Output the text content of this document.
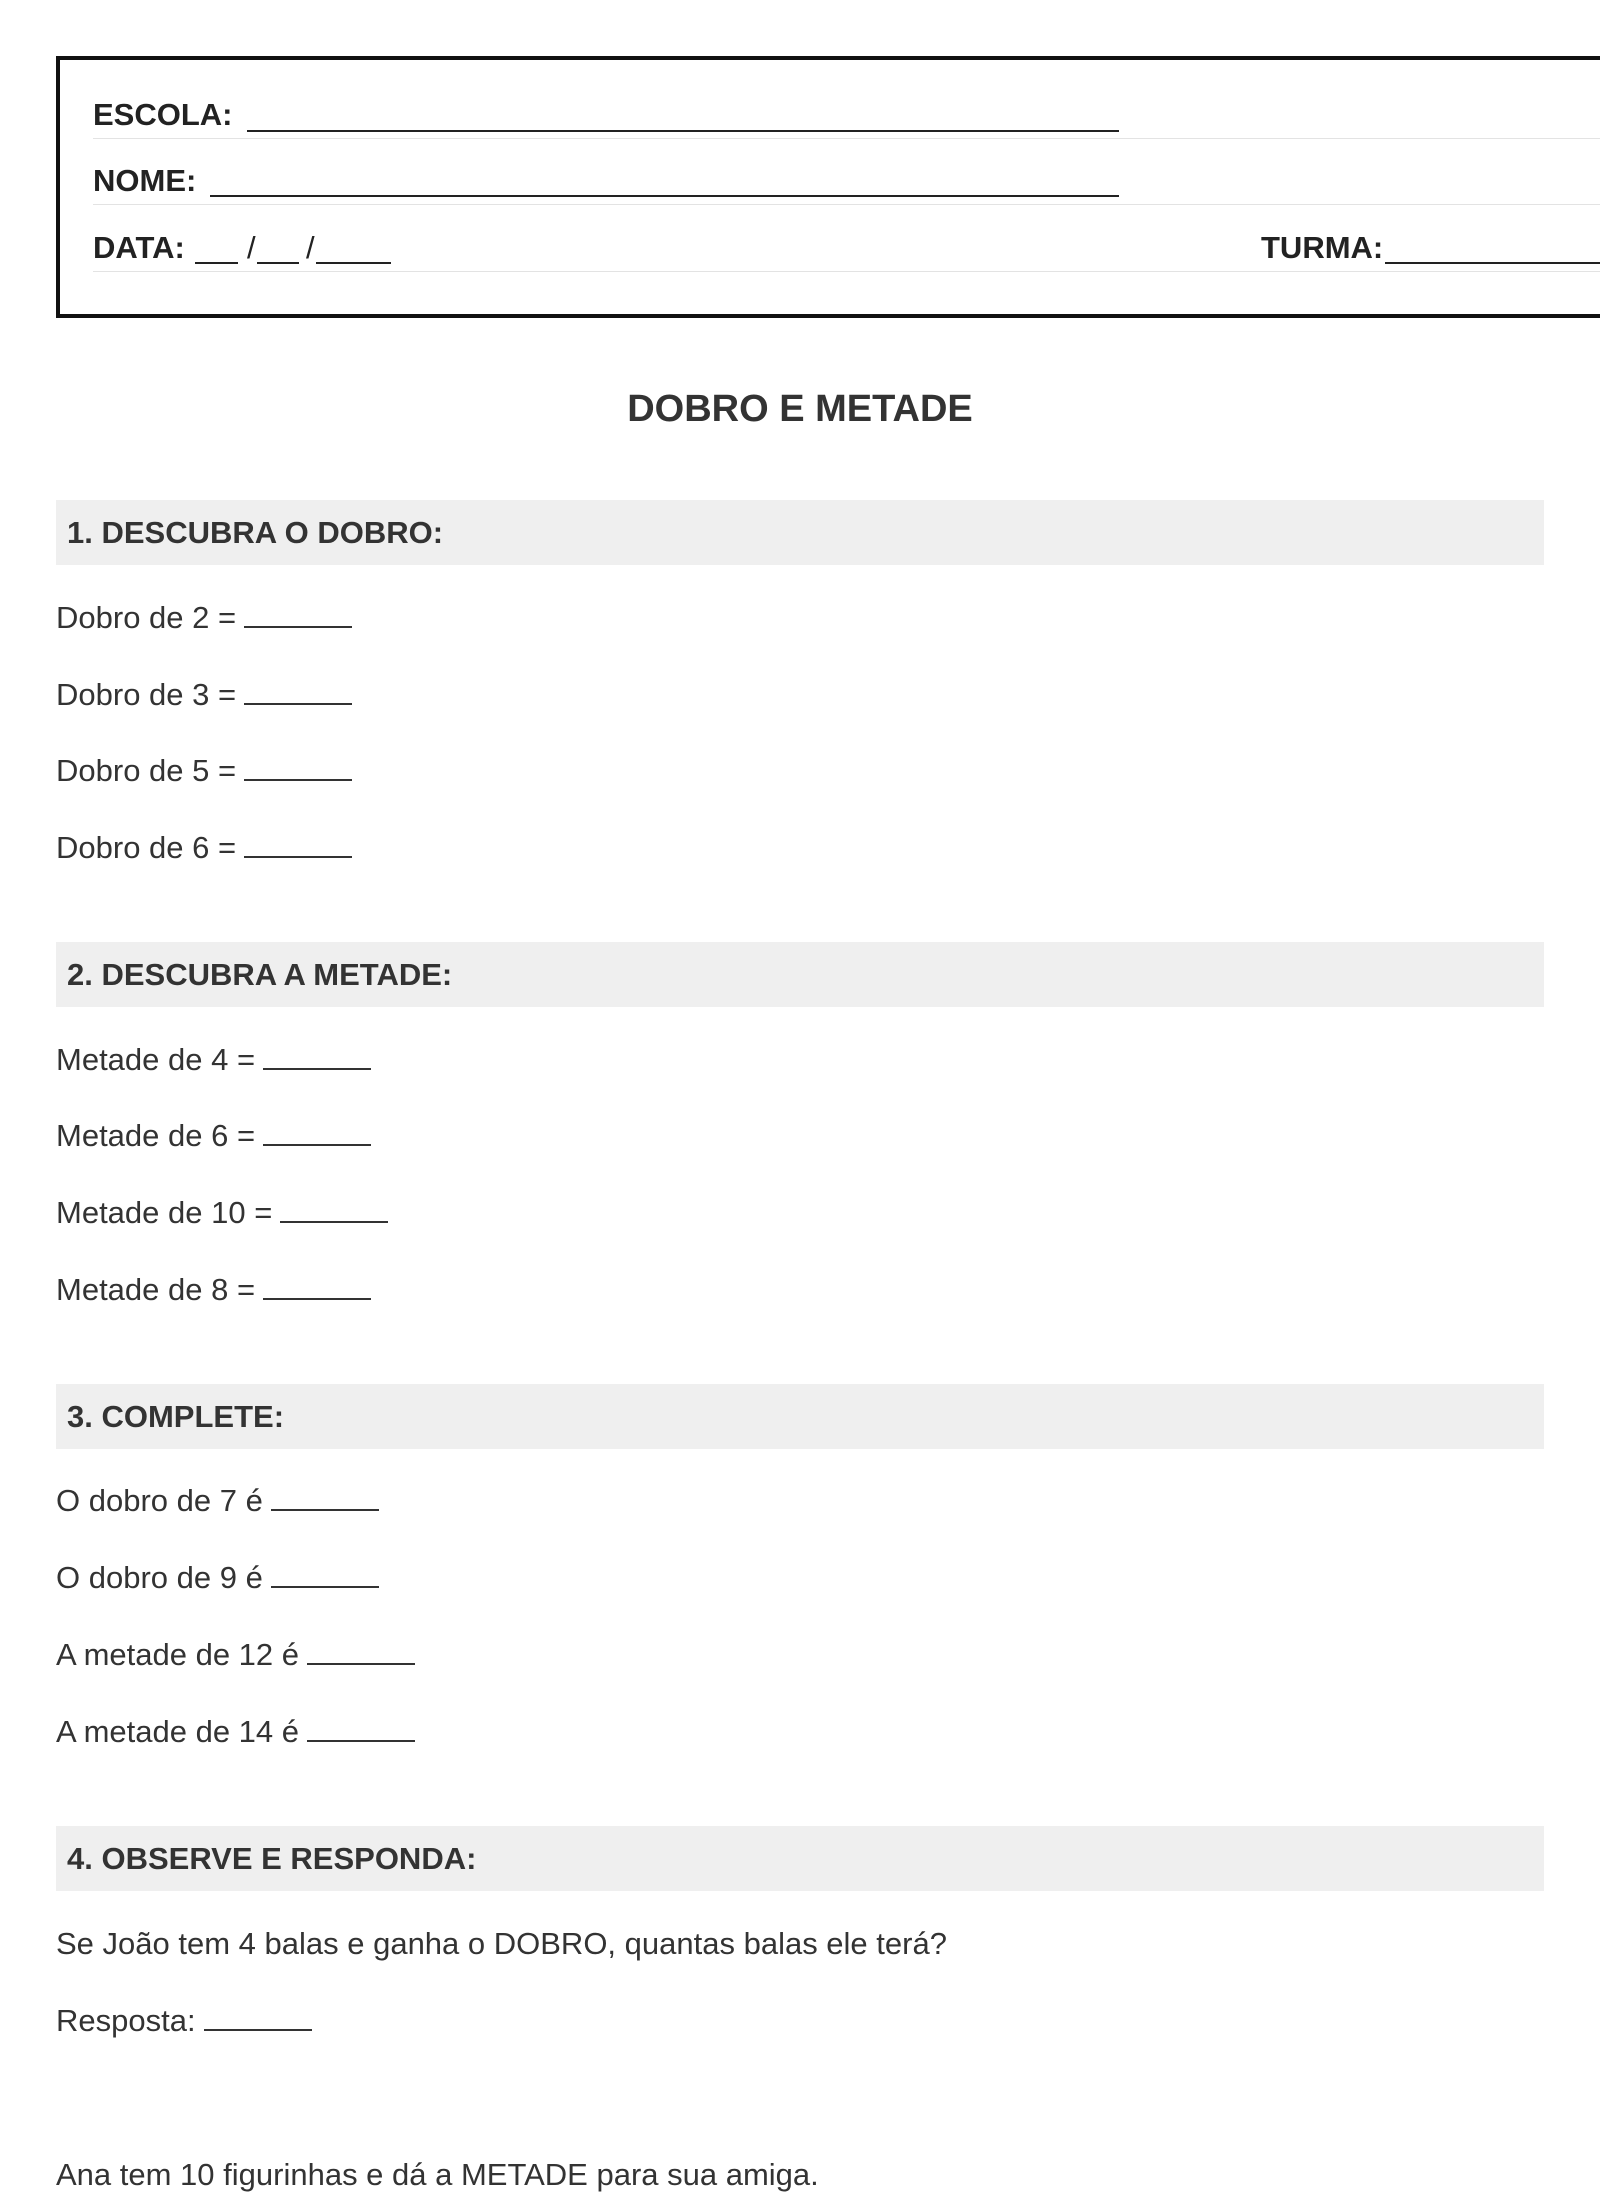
ESCOLA:
NOME:
DATA: / /	TURMA:
DOBRO E METADE
1. DESCUBRA O DOBRO:
Dobro de 2 =
Dobro de 3 =
Dobro de 5 =
Dobro de 6 =
2. DESCUBRA A METADE:
Metade de 4 =
Metade de 6 =
Metade de 10 =
Metade de 8 =
3. COMPLETE:
O dobro de 7 é
O dobro de 9 é
A metade de 12 é
A metade de 14 é
4. OBSERVE E RESPONDA:
Se João tem 4 balas e ganha o DOBRO, quantas balas ele terá?
Resposta:
Ana tem 10 figurinhas e dá a METADE para sua amiga.
